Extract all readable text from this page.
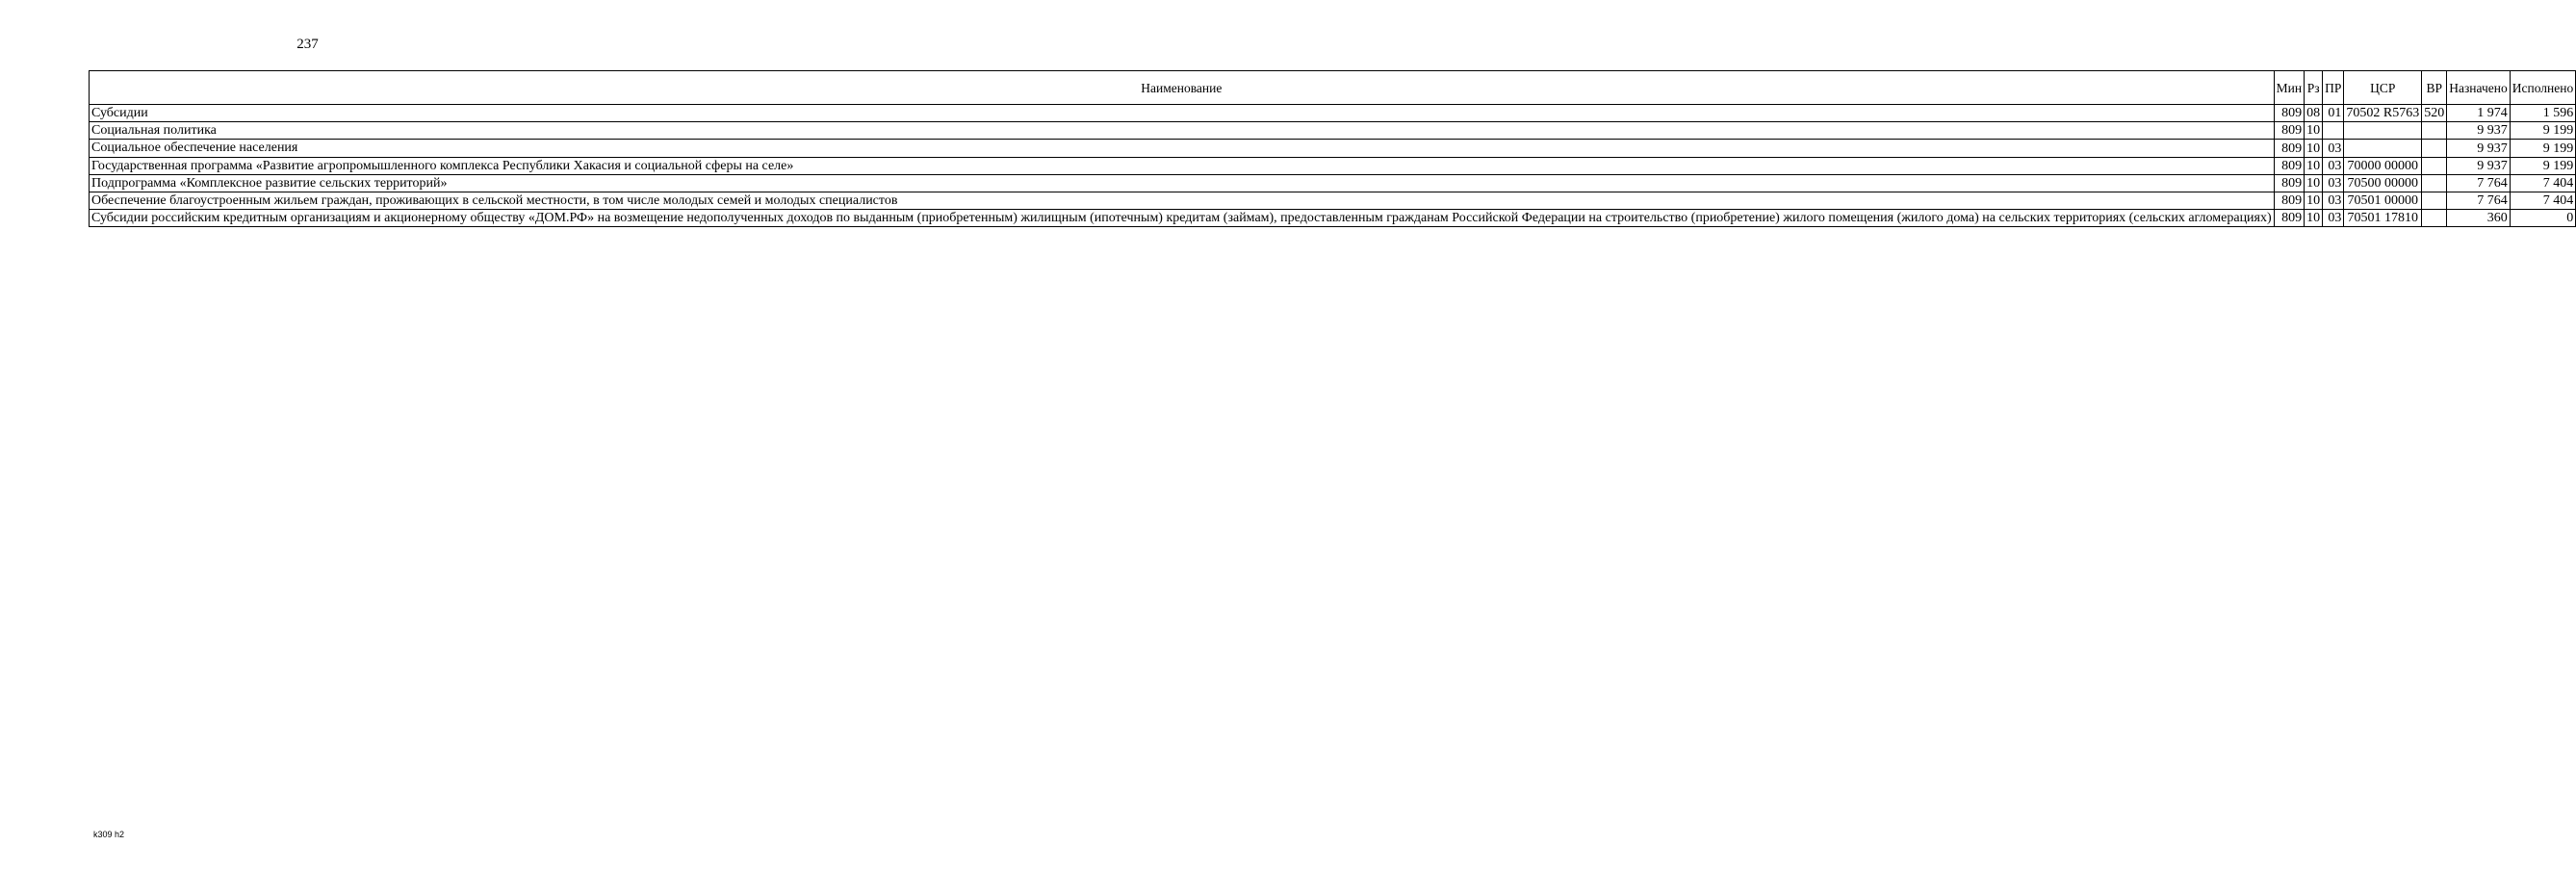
237
Наименование	Мин	Рз	ПР	ЦСР	ВР	Назначено	Исполнено
Субсидии	809	08	01	70502 R5763	520	1 974	1 596
Социальная политика	809	10				9 937	9 199
Социальное обеспечение населения	809	10	03			9 937	9 199
Государственная программа «Развитие агропромышленного комплекса Республики Хакасия и социальной сферы на селе»	809	10	03	70000 00000		9 937	9 199
Подпрограмма «Комплексное развитие сельских территорий»	809	10	03	70500 00000		7 764	7 404
Обеспечение благоустроенным жильем граждан, проживающих в сельской местности, в том числе молодых семей и молодых специалистов	809	10	03	70501 00000		7 764	7 404
Субсидии российским кредитным организациям и акционерному обществу «ДОМ.РФ» на возмещение недополученных доходов по выданным (приобретенным) жилищным (ипотечным) кредитам (займам), предоставленным гражданам Российской Федерации на строительство (приобретение) жилого помещения (жилого дома) на сельских территориях (сельских агломерациях)	809	10	03	70501 17810		360	0
k309 h2
